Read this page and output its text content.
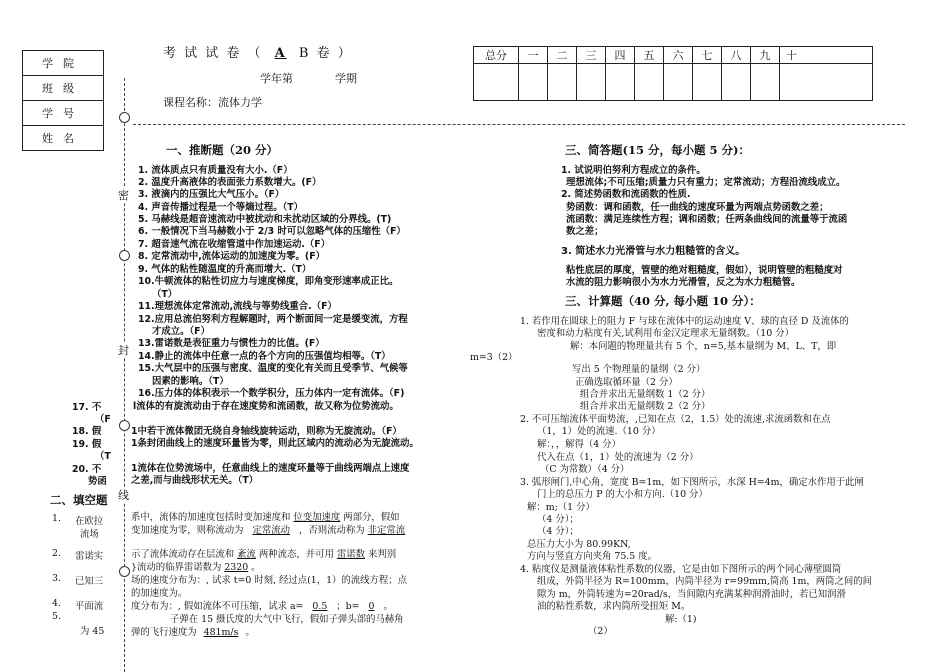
考 试 试 卷 （ A B 卷 ）
学年第	学期
课程名称：流体力学
学院
班级
学号
姓名
总分	一	二	三	四	五	六	七	八	九	十

密
封
线
一、推断题（20 分）
1. 流体质点只有质量没有大小.（F）
2. 温度升高液体的表面张力系数增大。(F）
3. 液滴内的压强比大气压小。（F）
4. 声音传播过程是一个等熵过程。（T）
5. 马赫线是超音速流动中被扰动和未扰动区域的分界线。(T)
6. 一般情况下当马赫数小于 2/3 时可以忽略气体的压缩性（F）
7. 超音速气流在收缩管道中作加速运动.（F）
8. 定常流动中,流体运动的加速度为零。(F）
9. 气体的粘性随温度的升高而增大.（T）
10.牛顿流体的粘性切应力与速度梯度，即角变形速率成正比。
（T）
11.理想流体定常流动,流线与等势线重合.（F）
12.应用总流伯努利方程解题时，两个断面间一定是缓变流，方程
才成立。（F）
13.雷诺数是表征重力与惯性力的比值。(F）
14.静止的流体中任意一点的各个方向的压强值均相等。（T）
15.大气层中的压强与密度、温度的变化有关而且受季节、气候等
因素的影响。（T）
16.压力体的体积表示一个数学积分，压力体内一定有流体。（F)
l流体的有旋流动由于存在速度势和流函数，故又称为位势流动。
1中若干流体微团无绕自身轴线旋转运动，则称为无旋流动。（F）
1条封闭曲线上的速度环量皆为零，则此区域内的流动必为无旋流动。
1流体在位势流场中，任意曲线上的速度环量等于曲线两端点上速度
之差,而与曲线形状无关。（T）
m=3（2）
17. 不
（F
18. 假
19. 假
（T
20. 不
势函
二、填空题
1. 在欧拉
流场
2. 雷诺实
3. 已知三
4. 平面流
5.
为 45
系中，流体的加速度包括时变加速度和 位变加速度 两部分，假如
变加速度为零，则称流动为 定常流动 ，否则流动称为 非定常流
示了流体流动存在层流和 紊流 两种流态，并可用 雷诺数 来判别
}流动的临界雷诺数为 2320 。
场的速度分布为：, 试求 t=0 时刻, 经过点(1，1）的流线方程；点
的加速度为。
度分布为：, 假如流体不可压缩，试求 a= 0.5 ；b= 0 。
子弹在 15 摄氏度的大气中飞行，假如子弹头部的马赫角
弹的飞行速度为 481m/s 。
三、简答题(15 分，每小题 5 分)：
1. 试说明伯努利方程成立的条件。
理想流体;不可压缩;质量力只有重力；定常流动；方程沿流线成立。
2. 简述势函数和流函数的性质.
势函数：调和函数，任一曲线的速度环量为两端点势函数之差；
流函数：满足连续性方程；调和函数；任两条曲线间的流量等于流函
数之差；
3. 简述水力光滑管与水力粗糙管的含义。
粘性底层的厚度，管壁的绝对粗糙度，假如），说明管壁的粗糙度对
水流的阻力影响很小为水力光滑管，反之为水力粗糙管。
三、计算题（40 分, 每小题 10 分）：
1. 若作用在圆球上的阻力 F 与球在流体中的运动速度 V、球的直径 D 及流体的
密度和动力粘度有关,试利用布金汉定理求无量纲数。（10 分）
解：本问题的物理量共有 5 个，n=5,基本量纲为 M、L、T，即
写出 5 个物理量的量纲（2 分）
正确选取循环量（2 分）
组合并求出无量纲数 1（2 分）
组合并求出无量纲数 2（2 分）
2. 不可压缩流体平面势流，,已知在点（2，1.5）处的流速,求流函数和在点
（1，1）处的流速.（10 分）
解：，，解得（4 分）
代入在点（1，1）处的流速为（2 分）
（C 为常数）（4 分）
3. 弧形闸门,中心角，宽度 B=1m，如下图所示，水深 H=4m，确定水作用于此闸
门上的总压力 P 的大小和方向.（10 分）
解：m;（1 分）
（4 分）；
（4 分）；
总压力大小为 80.99KN,
方向与竖直方向夹角 75.5 度。
4. 粘度仪是测量液体粘性系数的仪器，它是由如下图所示的两个同心薄壁圆筒
组成，外筒半径为 R=100mm，内筒半径为 r=99mm,筒高 1m，两筒之间的间
隙为 m，外筒转速为=20rad/s，当间隙内充满某种润滑油时，若已知润滑
油的粘性系数，求内筒所受扭矩 M。
解:（1)
（2）
